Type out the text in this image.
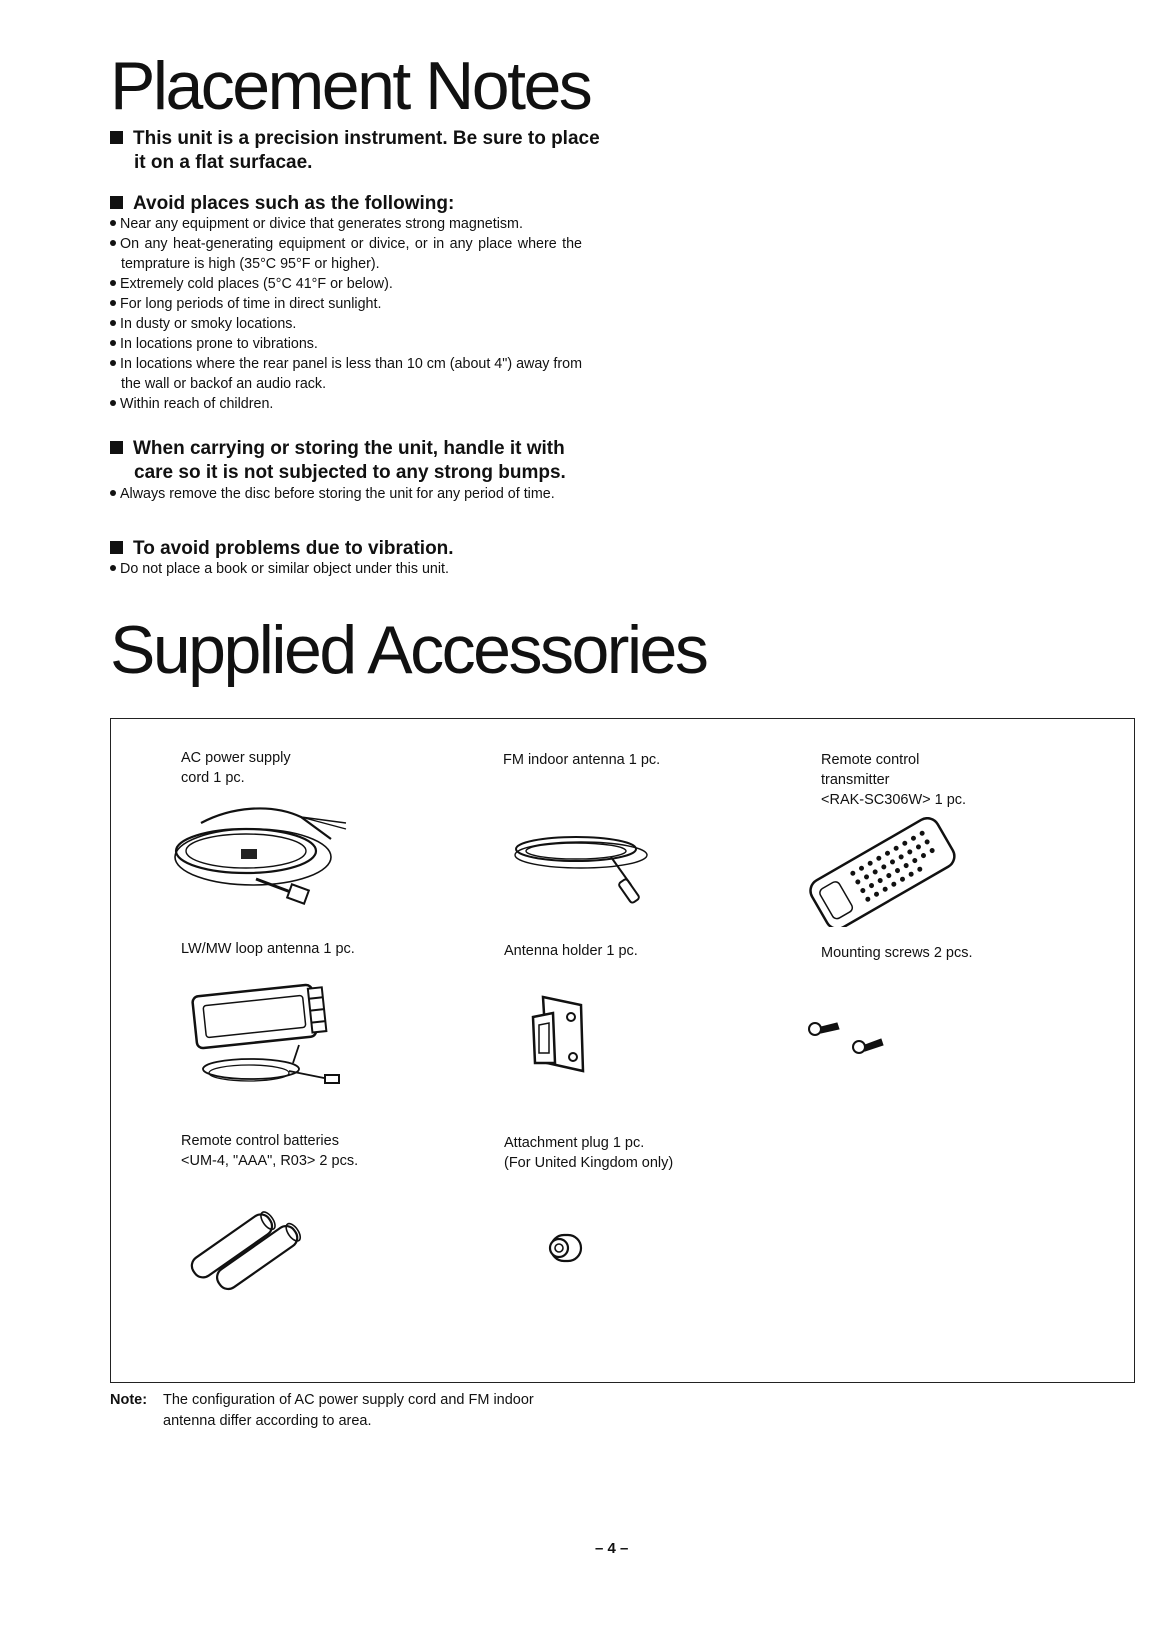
Placement Notes

This unit is a precision instrument. Be sure to place it on a flat surfacae.

Avoid places such as the following:

Near any equipment or divice that generates strong magnetism.
On any heat-generating equipment or divice, or in any place where the temprature is high (35°C 95°F or higher).
Extremely cold places (5°C 41°F or below).
For long periods of time in direct sunlight.
In dusty or smoky locations.
In locations prone to vibrations.
In locations where the rear panel is less than 10 cm (about 4") away from the wall or backof an audio rack.
Within reach of children.

When carrying or storing the unit, handle it with care so it is not subjected to any strong bumps.

Always remove the disc before storing the unit for any period of time.

To avoid problems due to vibration.

Do not place a book or similar object under this unit.
Supplied Accessories
AC power supply
cord 1 pc.
FM indoor antenna 1 pc.	Remote control
transmitter
<RAK-SC306W> 1 pc.
LW/MW loop antenna 1 pc.	Antenna holder 1 pc.	Mounting screws 2 pcs.
Remote control batteries
<UM-4, "AAA", R03> 2 pcs.
Attachment plug 1 pc.
(For United Kingdom only)
Note: The configuration of AC power supply cord and FM indoor
antenna differ according to area.
– 4 –
